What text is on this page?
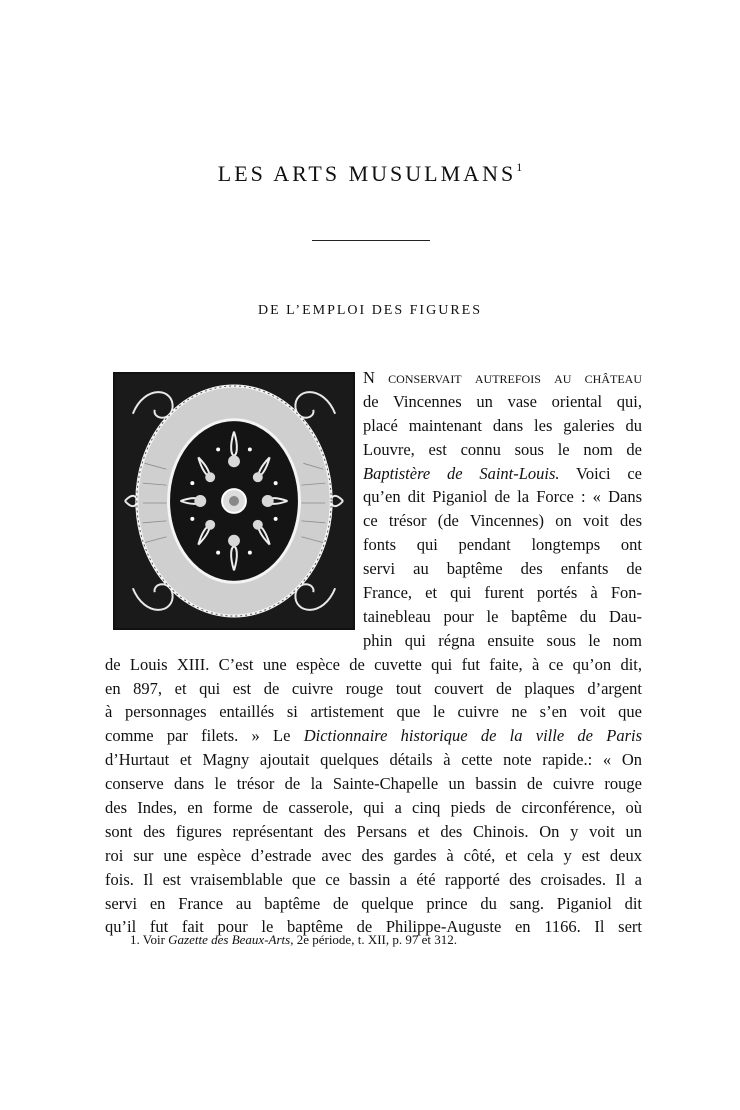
LES ARTS MUSULMANS$^1$
DE L’EMPLOI DES FIGURES
N conservait autrefois au château
de Vincennes un vase oriental qui,
placé maintenant dans les galeries du
Louvre, est connu sous le nom de
Baptistère de Saint-Louis. Voici ce
qu’en dit Piganiol de la Force : « Dans
ce trésor (de Vincennes) on voit des
fonts qui pendant longtemps ont
servi au baptême des enfants de
France, et qui furent portés à Fon-
tainebleau pour le baptême du Dau-
phin qui régna ensuite sous le nom
de Louis XIII. C’est une espèce de cuvette qui fut faite, à ce qu’on dit,
en 897, et qui est de cuivre rouge tout couvert de plaques d’argent
à personnages entaillés si artistement que le cuivre ne s’en voit que
comme par filets. » Le Dictionnaire historique de la ville de Paris
d’Hurtaut et Magny ajoutait quelques détails à cette note rapide.: « On
conserve dans le trésor de la Sainte-Chapelle un bassin de cuivre rouge
des Indes, en forme de casserole, qui a cinq pieds de circonférence, où
sont des figures représentant des Persans et des Chinois. On y voit un
roi sur une espèce d’estrade avec des gardes à côté, et cela y est deux
fois. Il est vraisemblable que ce bassin a été rapporté des croisades. Il a
servi en France au baptême de quelque prince du sang. Piganiol dit
qu’il fut fait pour le baptême de Philippe-Auguste en 1166. Il sert
1. Voir Gazette des Beaux-Arts, 2e période, t. XII, p. 97 et 312.
